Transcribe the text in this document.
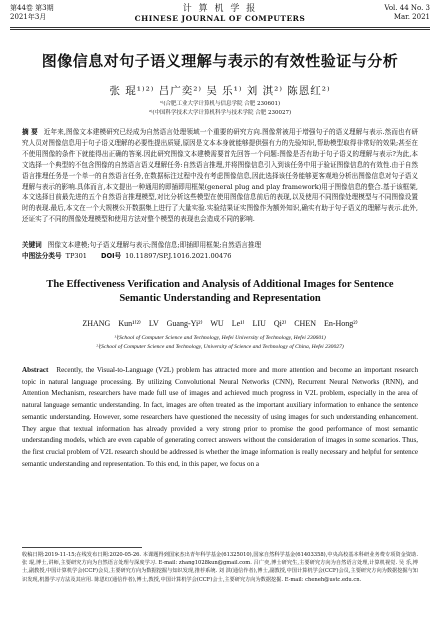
第44卷 第3期
2021年3月
计 算 机 学 报
CHINESE JOURNAL OF COMPUTERS
Vol. 44 No. 3
Mar. 2021
图像信息对句子语义理解与表示的有效性验证与分析
张 琨¹⁾²⁾ 吕广奕²⁾ 吴 乐¹⁾ 刘 淇²⁾ 陈恩红²⁾
¹⁾(合肥工业大学计算机与信息学院 合肥 230601)
²⁾(中国科学技术大学计算机科学与技术学院 合肥 230027)
摘 要 近年来,图像文本建模研究已经成为自然语言处理领域一个重要的研究方向.图像常被用于增强句子的语义理解与表示.然而也有研究人员对图像信息用于句子语义理解的必要性提出质疑,原因是文本本身就能够提供强有力的先验知识,帮助模型取得非常好的效果;甚至在不使用图像的条件下就能得出正确的答案.因此研究图像文本建模需要首先回答一个问题:图像是否有助于句子语义的理解与表示?为此,本文选择一个典型的不包含图像的自然语言语义理解任务:自然语言推理,并将图像信息引入到该任务中用于验证图像信息的有效性.由于自然语言推理任务是一个单一的自然语言任务,在数据标注过程中没有考虑图像信息,因此选择该任务能够更客观地分析出图像信息对句子语义理解与表示的影响.具体而言,本文提出一种通用的即插即用框架(general plug and play framework)用于图像信息的整合.基于该框架,本文选择目前最先进的五个自然语言推理模型,对比分析这些模型在使用图像信息前后的表现,以及使用不同图像处理模型与不同图像设置时的表现.最后,本文在一个大规模公开数据集上进行了大量实验.实验结果证实图像作为额外知识,确实有助于句子语义的理解与表示.此外,还证实了不同的图像处理模型和使用方法对整个模型的表现也会造成不同的影响.
关键词 图像文本建模;句子语义理解与表示;图像信息;即插即用框架;自然语言推理
中图法分类号 TP301 DOI号 10.11897/SP.J.1016.2021.00476
The Effectiveness Verification and Analysis of Additional Images for Sentence Semantic Understanding and Representation
ZHANG Kun¹⁾²⁾ LV Guang-Yi²⁾ WU Le¹⁾ LIU Qi²⁾ CHEN En-Hong²⁾
¹⁾(School of Computer Science and Technology, Hefei University of Technology, Hefei 230601)
²⁾(School of Computer Science and Technology, University of Science and Technology of China, Hefei 230027)
Abstract Recently, the Visual-to-Language (V2L) problem has attracted more and more attention and become an important research topic in natural language processing. By utilizing Convolutional Neural Networks (CNN), Recurrent Neural Networks (RNN), and Attention Mechanism, researchers have made full use of images and achieved much progress in V2L problem, especially in the area of natural language semantic understanding. In fact, images are often treated as the important auxiliary information to enhance the sentence semantic understanding. However, some researchers have questioned the necessity of using images for such understanding enhancement. They argue that textual information has already provided a very strong prior to promise the good performance of most semantic understanding models, which are even capable of generating correct answers without the consideration of images in some scenarios. Thus, the first crucial problem of V2L research should be addressed is whether the image information is really necessary and helpful for sentence semantic understanding and representation. To this end, in this paper, we focus on a
收稿日期:2019-11-15;在线发布日期:2020-05-26. 本课题得到国家杰出青年科学基金(61325010),国家自然科学基金(61403358),中央高校基本科研业务费专项资金资助. 张 琨,博士,讲师,主要研究方向为自然语言处理与深度学习. E-mail: zhang1028kun@gmail.com. 吕广奕,博士研究生,主要研究方向为自然语言处理,计算机视觉. 吴 乐,博士,副教授,中国计算机学会(CCF)会员,主要研究方向为数据挖掘与知识发现,推荐系统. 刘 淇(通信作者),博士,副教授,中国计算机学会(CCF)会员,主要研究方向为数据挖掘与知识发现,机器学习方法及其应用. 陈恩红(通信作者),博士,教授,中国计算机学会(CCF)会士,主要研究方向为数据挖掘. E-mail: cheneh@ustc.edu.cn.
